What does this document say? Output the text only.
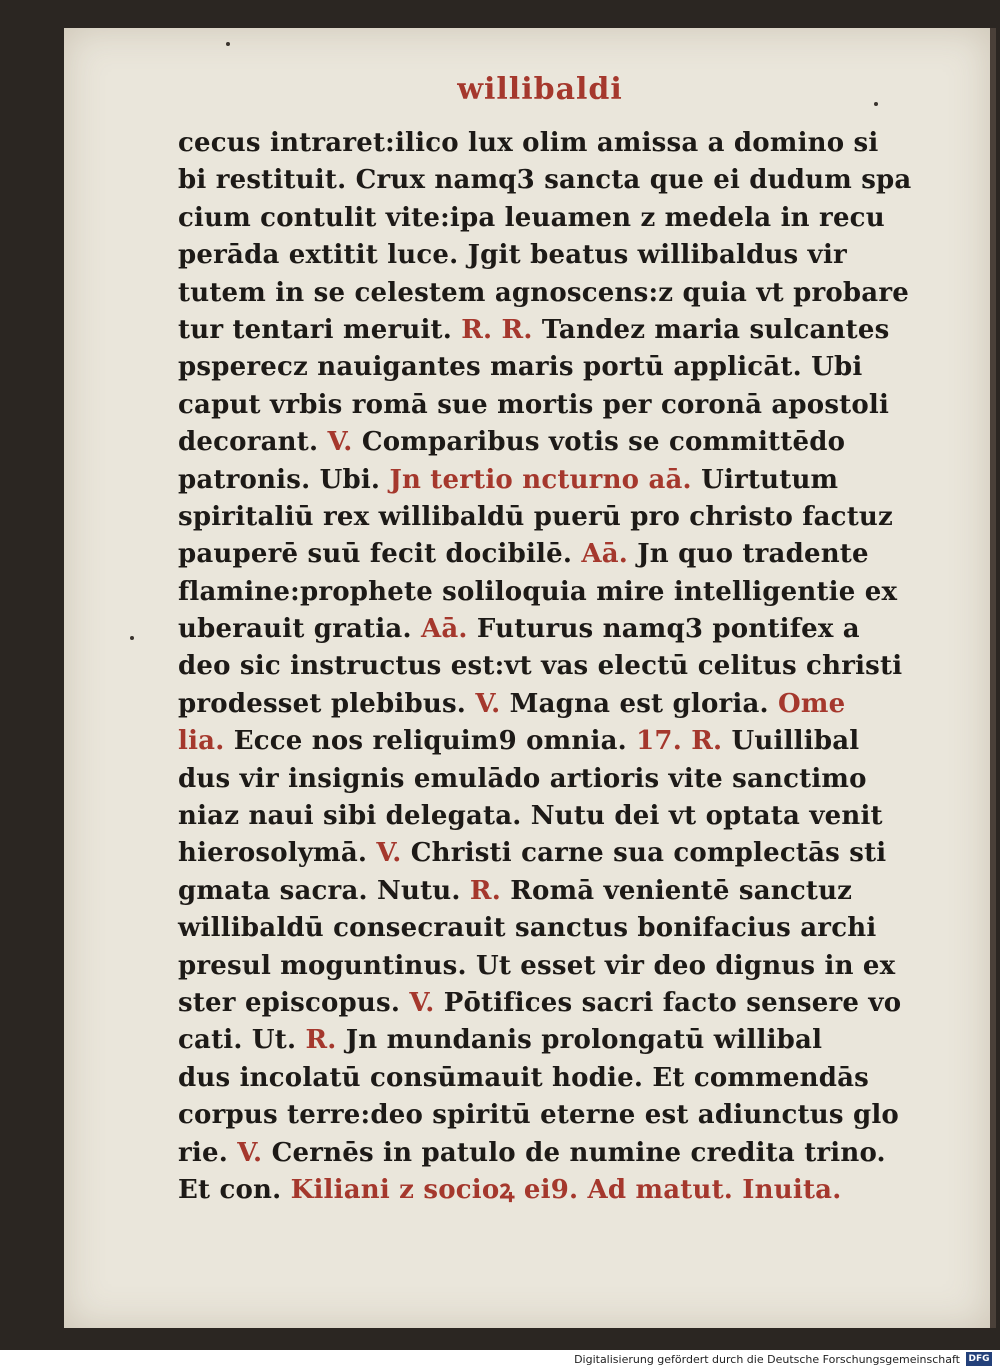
willibaldi
cecus intraret:ilico lux olim amissa a domino si
bi restituit. Crux namq3 sancta que ei dudum spa
cium contulit vite:ipa leuamen z medela in recu
perāda extitit luce. Jgit beatus willibaldus vir
tutem in se celestem agnoscens:z quia vt probare
tur tentari meruit. R. R. Tandez maria sulcantes
psperecz nauigantes maris portū applicāt. Ubi
caput vrbis romā sue mortis per coronā apostoli
decorant. V. Comparibus votis se committēdo
patronis. Ubi. Jn tertio ncturno aā. Uirtutum
spiritaliū rex willibaldū puerū pro christo factuz
pauperē suū fecit docibilē. Aā. Jn quo tradente
flamine:prophete soliloquia mire intelligentie ex
uberauit gratia. Aā. Futurus namq3 pontifex a
deo sic instructus est:vt vas electū celitus christi
prodesset plebibus. V. Magna est gloria. Ome
lia. Ecce nos reliquim9 omnia. 17. R. Uuillibal
dus vir insignis emulādo artioris vite sanctimo
niaz naui sibi delegata. Nutu dei vt optata venit
hierosolymā. V. Christi carne sua complectās sti
gmata sacra. Nutu. R. Romā venientē sanctuz
willibaldū consecrauit sanctus bonifacius archi
presul moguntinus. Ut esset vir deo dignus in ex
ster episcopus. V. Pōtifices sacri facto sensere vo
cati. Ut. R. Jn mundanis prolongatū willibal
dus incolatū consūmauit hodie. Et commendās
corpus terre:deo spiritū eterne est adiunctus glo
rie. V. Cernēs in patulo de numine credita trino.
Et con. Kiliani z socioꝝ ei9. Ad matut. Inuita.
Digitalisierung gefördert durch die Deutsche Forschungsgemeinschaft DFG
